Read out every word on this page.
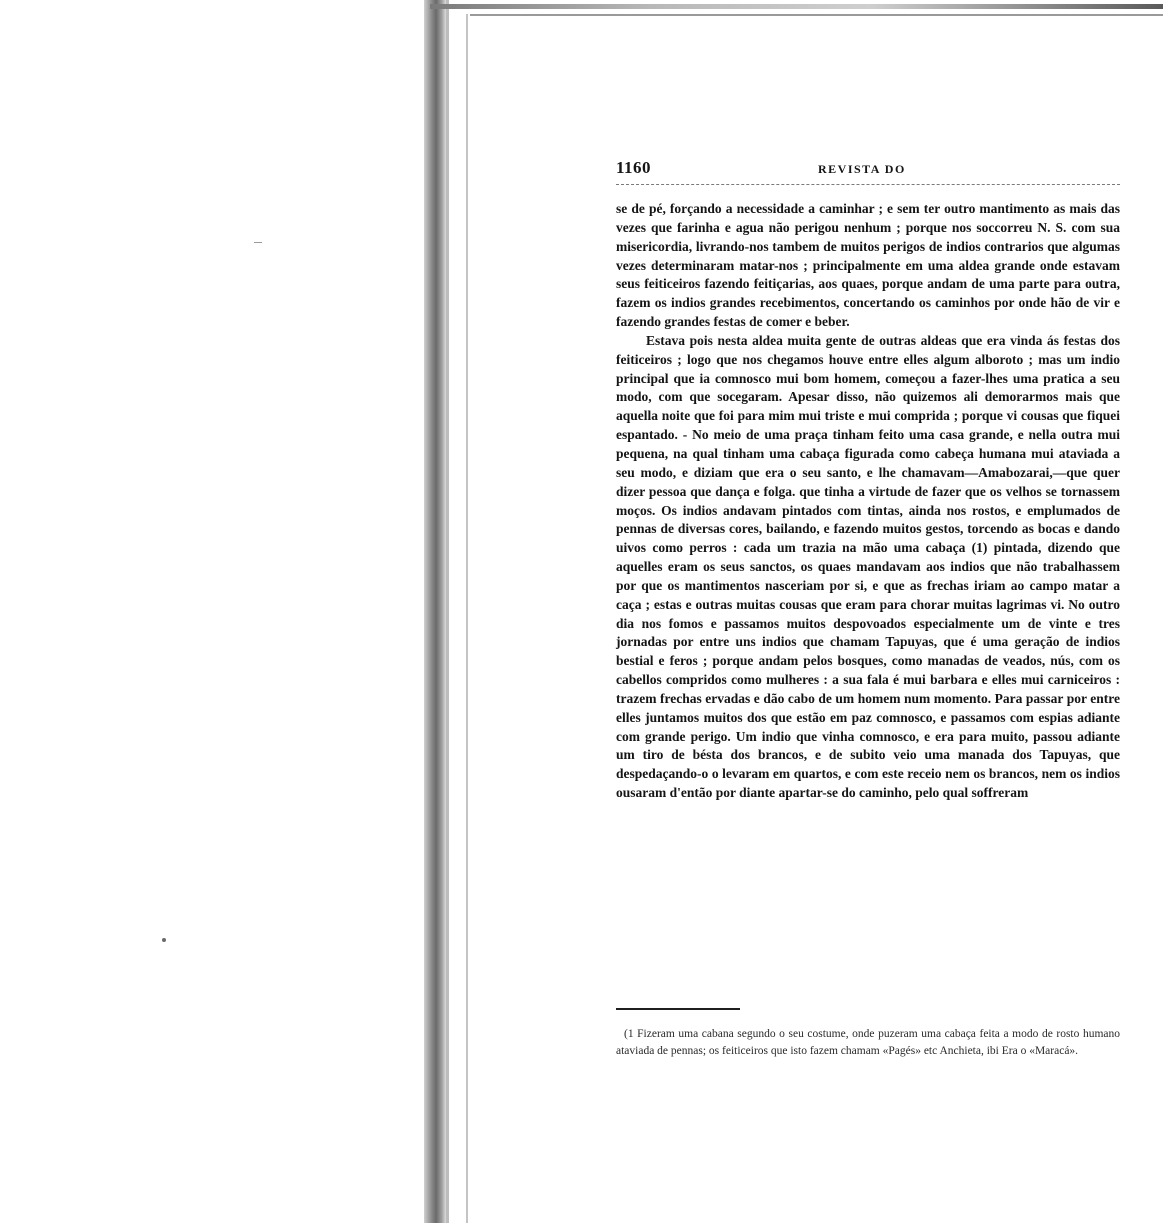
1160	REVISTA DO

se de pé, forçando a necessidade a caminhar ; e sem ter outro mantimento as mais das vezes que farinha e agua não perigou nenhum ; porque nos soccorreu N. S. com sua misericordia, livrando-nos tambem de muitos perigos de indios contrarios que algumas vezes determinaram matar-nos ; principalmente em uma aldea grande onde estavam seus feiticeiros fazendo feitiçarias, aos quaes, porque andam de uma parte para outra, fazem os indios grandes recebimentos, concertando os caminhos por onde hão de vir e fazendo grandes festas de comer e beber.

Estava pois nesta aldea muita gente de outras aldeas que era vinda ás festas dos feiticeiros ; logo que nos chegamos houve entre elles algum alboroto ; mas um indio principal que ia comnosco mui bom homem, começou a fazer-lhes uma pratica a seu modo, com que socegaram. Apesar disso, não quizemos ali demorarmos mais que aquella noite que foi para mim mui triste e mui comprida ; porque vi cousas que fiquei espantado. - No meio de uma praça tinham feito uma casa grande, e nella outra mui pequena, na qual tinham uma cabaça figurada como cabeça humana mui ataviada a seu modo, e diziam que era o seu santo, e lhe chamavam—Amabozarai,—que quer dizer pessoa que dança e folga. que tinha a virtude de fazer que os velhos se tornassem moços. Os indios andavam pintados com tintas, ainda nos rostos, e emplumados de pennas de diversas cores, bailando, e fazendo muitos gestos, torcendo as bocas e dando uivos como perros : cada um trazia na mão uma cabaça (1) pintada, dizendo que aquelles eram os seus sanctos, os quaes mandavam aos indios que não trabalhassem por que os mantimentos nasceriam por si, e que as frechas iriam ao campo matar a caça ; estas e outras muitas cousas que eram para chorar muitas lagrimas vi. No outro dia nos fomos e passamos muitos despovoados especialmente um de vinte e tres jornadas por entre uns indios que chamam Tapuyas, que é uma geração de indios bestial e feros ; porque andam pelos bosques, como manadas de veados, nús, com os cabellos compridos como mulheres : a sua fala é mui barbara e elles mui carniceiros : trazem frechas ervadas e dão cabo de um homem num momento. Para passar por entre elles juntamos muitos dos que estão em paz comnosco, e passamos com espias adiante com grande perigo. Um indio que vinha comnosco, e era para muito, passou adiante um tiro de bésta dos brancos, e de subito veio uma manada dos Tapuyas, que despedaçando-o o levaram em quartos, e com este receio nem os brancos, nem os indios ousaram d'então por diante apartar-se do caminho, pelo qual soffreram

(1 Fizeram uma cabana segundo o seu costume, onde puzeram uma cabaça feita a modo de rosto humano ataviada de pennas; os feiticeiros que isto fazem chamam «Pagés» etc Anchieta, ibi Era o «Maracá».
